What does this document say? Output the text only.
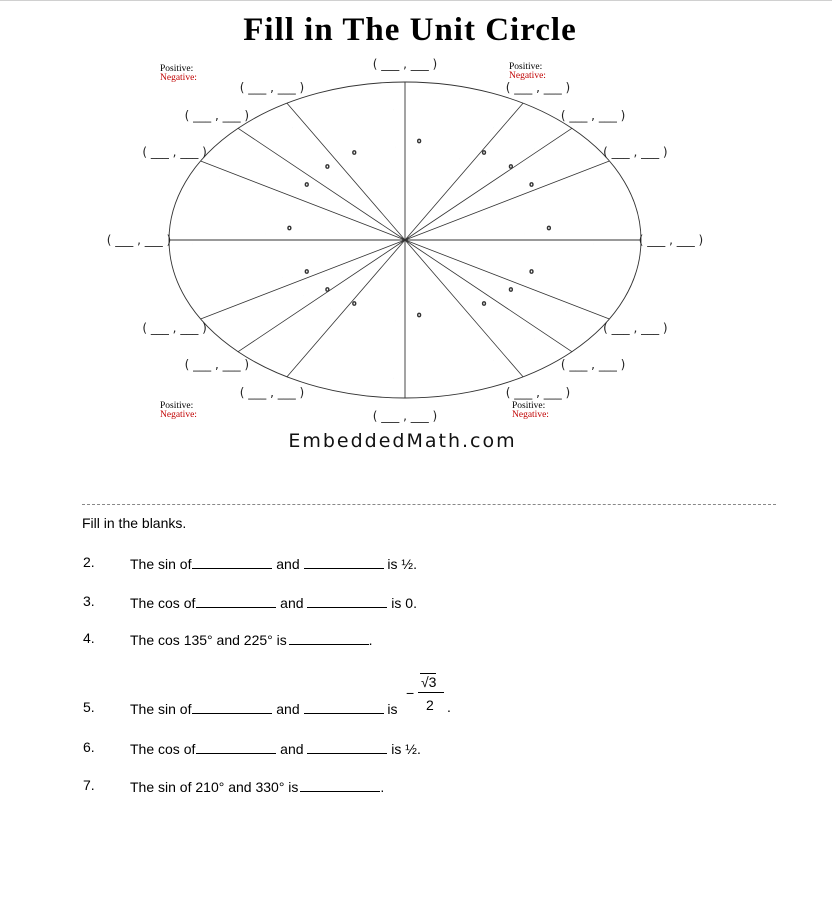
Fill in The Unit Circle
o
o
o
o
o
o
o
o
o
o
o
o
o
o
o
o
( ___ , ___ )
( ___ , ___ )
( ___ , ___ )
( ___ , ___ )
( ___ , ___ )
( ___ , ___ )
( ___ , ___ )
( ___ , ___ )
( ___ , ___ )	( ___ , ___ )
( ___ , ___ )
( ___ , ___ )
( ___ , ___ )
( ___ , ___ )
( ___ , ___ )
( ___ , ___ )
Positive:
Negative:
Positive:
Negative:
Positive:
Negative:
Positive:
Negative:
EmbeddedMath.com
Fill in the blanks.
2.	The sin of	and	is ½.
3.	The cos of	and	is 0.
4.	The cos 135° and 225° is	.
5.	The sin of	and	is
−
√3
2 .
6.	The cos of	and	is ½.
7.	The sin of 210° and 330° is	.
